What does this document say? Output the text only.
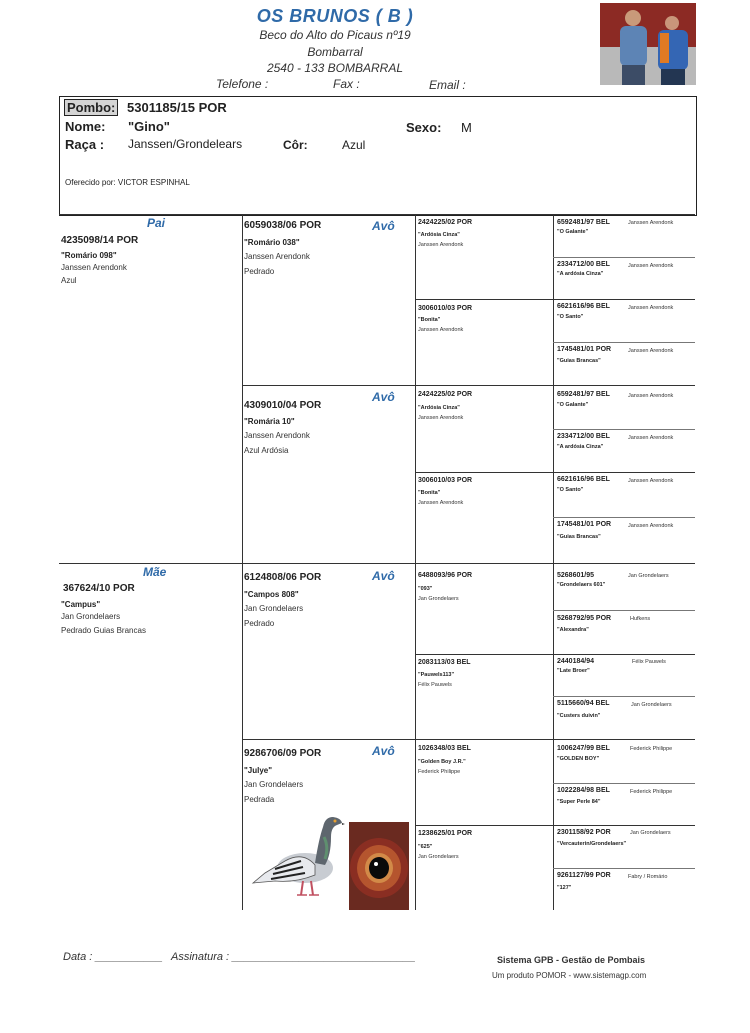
OS BRUNOS ( B )
Beco do Alto do Picaus nº19
Bombarral
2540 - 133 BOMBARRAL
Telefone :	Fax :	Email :
Pombo: 5301185/15 POR
Nome: "Gino"	Sexo: M
Raça : Janssen/Grondelears	Côr:	Azul
Oferecido por: VICTOR ESPINHAL
Pai
4235098/14 POR
"Romário 098"
Janssen Arendonk
Azul
Mãe
367624/10 POR
"Campus"
Jan Grondelaers
Pedrado Guias Brancas
Avô
6059038/06 POR
"Romário 038"
Janssen Arendonk
Pedrado
Avô
4309010/04 POR
"Romária 10"
Janssen Arendonk
Azul Ardósia
Avô
6124808/06 POR
"Campos 808"
Jan Grondelaers
Pedrado
Avô
9286706/09 POR
"Julye"
Jan Grondelaers
Pedrada
2424225/02 POR
"Ardósia Cinza"
Janssen Arendonk
3006010/03 POR
"Bonita"
Janssen Arendonk
2424225/02 POR
"Ardósia Cinza"
Janssen Arendonk
3006010/03 POR
"Bonita"
Janssen Arendonk
6488093/96 POR
"093"
Jan Grondelaers
2083113/03 BEL
"Pauwels113"
Félix Pauwels
1026348/03 BEL
"Golden Boy J.R."
Federick Philippe
1238625/01 POR
"625"
Jan Grondelaers
6592481/97 BEL	Janssen Arendonk
"O Galante"
2334712/00 BEL	Janssen Arendonk
"A ardósia Cinza"
6621616/96 BEL	Janssen Arendonk
"O Santo"
1745481/01 POR	Janssen Arendonk
"Guias Brancas"
6592481/97 BEL	Janssen Arendonk
"O Galante"
2334712/00 BEL	Janssen Arendonk
"A ardósia Cinza"
6621616/96 BEL	Janssen Arendonk
"O Santo"
1745481/01 POR	Janssen Arendonk
"Guias Brancas"
5268601/95	Jan Grondelaers
"Grondelaers 601"
5268792/95 POR	Hufkens
"Alexandra"
2440184/94	Félix Pauwels
"Late Broer"
5115660/94 BEL	Jan Grondelaers
"Custers duivin"
1006247/99 BEL	Federick Philippe
"GOLDEN BOY"
1022284/98 BEL	Federick Philippe
"Super Perle 84"
2301158/92 POR	Jan Grondelaers
"Vercauterin/Grondelaers"
9261127/99 POR	Fabry / Romário
"127"
Data : ___________ Assinatura : ______________________________	Sistema GPB - Gestão de Pombais
Um produto POMOR - www.sistemagp.com
